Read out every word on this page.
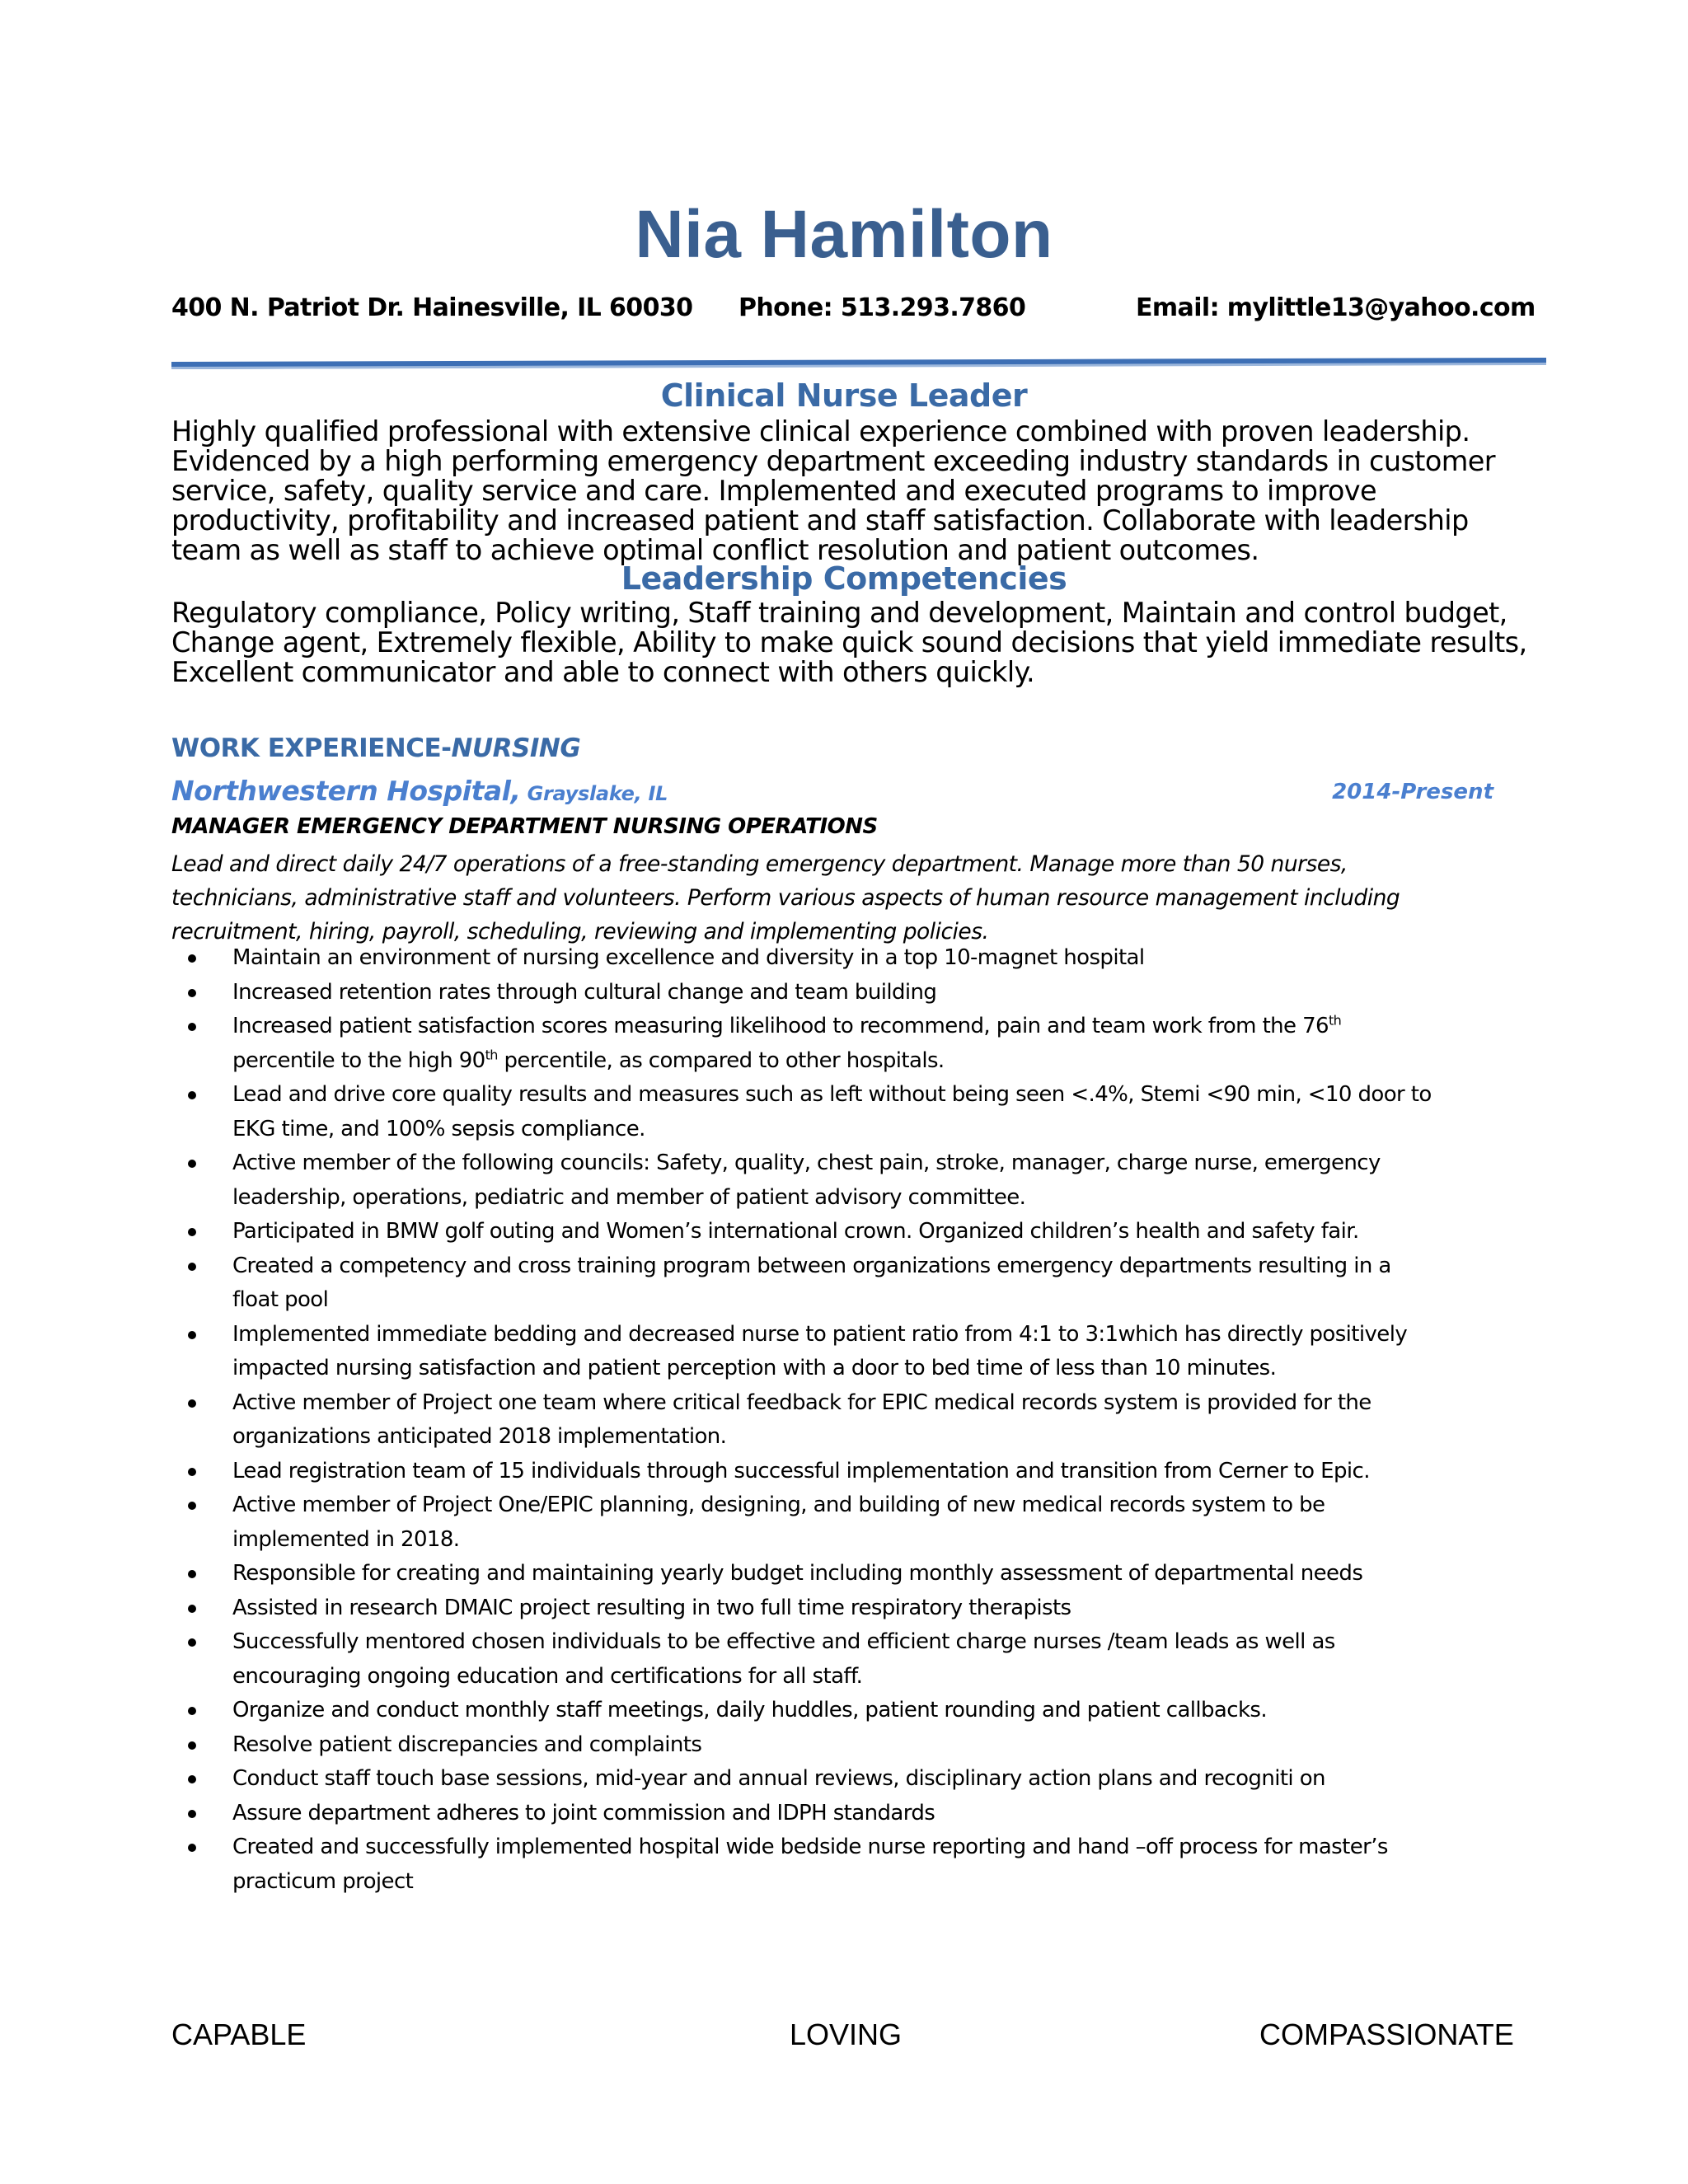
Nia Hamilton
400 N. Patriot Dr. Hainesville, IL 60030 Phone: 513.293.7860	Email: mylittle13@yahoo.com
Clinical Nurse Leader
Highly qualified professional with extensive clinical experience combined with proven leadership.
Evidenced by a high performing emergency department exceeding industry standards in customer
service, safety, quality service and care. Implemented and executed programs to improve
productivity, profitability and increased patient and staff satisfaction. Collaborate with leadership
team as well as staff to achieve optimal conflict resolution and patient outcomes.
Leadership Competencies
Regulatory compliance, Policy writing, Staff training and development, Maintain and control budget,
Change agent, Extremely flexible, Ability to make quick sound decisions that yield immediate results,
Excellent communicator and able to connect with others quickly.
WORK EXPERIENCE-NURSING
Northwestern Hospital, Grayslake, IL	2014-Present
MANAGER EMERGENCY DEPARTMENT NURSING OPERATIONS
Lead and direct daily 24/7 operations of a free-standing emergency department. Manage more than 50 nurses,
technicians, administrative staff and volunteers. Perform various aspects of human resource management including
recruitment, hiring, payroll, scheduling, reviewing and implementing policies.
Maintain an environment of nursing excellence and diversity in a top 10-magnet hospital
Increased retention rates through cultural change and team building
Increased patient satisfaction scores measuring likelihood to recommend, pain and team work from the 76th
percentile to the high 90th percentile, as compared to other hospitals.
Lead and drive core quality results and measures such as left without being seen <.4%, Stemi <90 min, <10 door to
EKG time, and 100% sepsis compliance.
Active member of the following councils: Safety, quality, chest pain, stroke, manager, charge nurse, emergency
leadership, operations, pediatric and member of patient advisory committee.
Participated in BMW golf outing and Women’s international crown. Organized children’s health and safety fair.
Created a competency and cross training program between organizations emergency departments resulting in a
float pool
Implemented immediate bedding and decreased nurse to patient ratio from 4:1 to 3:1which has directly positively
impacted nursing satisfaction and patient perception with a door to bed time of less than 10 minutes.
Active member of Project one team where critical feedback for EPIC medical records system is provided for the
organizations anticipated 2018 implementation.
Lead registration team of 15 individuals through successful implementation and transition from Cerner to Epic.
Active member of Project One/EPIC planning, designing, and building of new medical records system to be
implemented in 2018.
Responsible for creating and maintaining yearly budget including monthly assessment of departmental needs
Assisted in research DMAIC project resulting in two full time respiratory therapists
Successfully mentored chosen individuals to be effective and efficient charge nurses /team leads as well as
encouraging ongoing education and certifications for all staff.
Organize and conduct monthly staff meetings, daily huddles, patient rounding and patient callbacks.
Resolve patient discrepancies and complaints
Conduct staff touch base sessions, mid-year and annual reviews, disciplinary action plans and recogniti on
Assure department adheres to joint commission and IDPH standards
Created and successfully implemented hospital wide bedside nurse reporting and hand –off process for master’s
practicum project
CAPABLE	LOVING	COMPASSIONATE
